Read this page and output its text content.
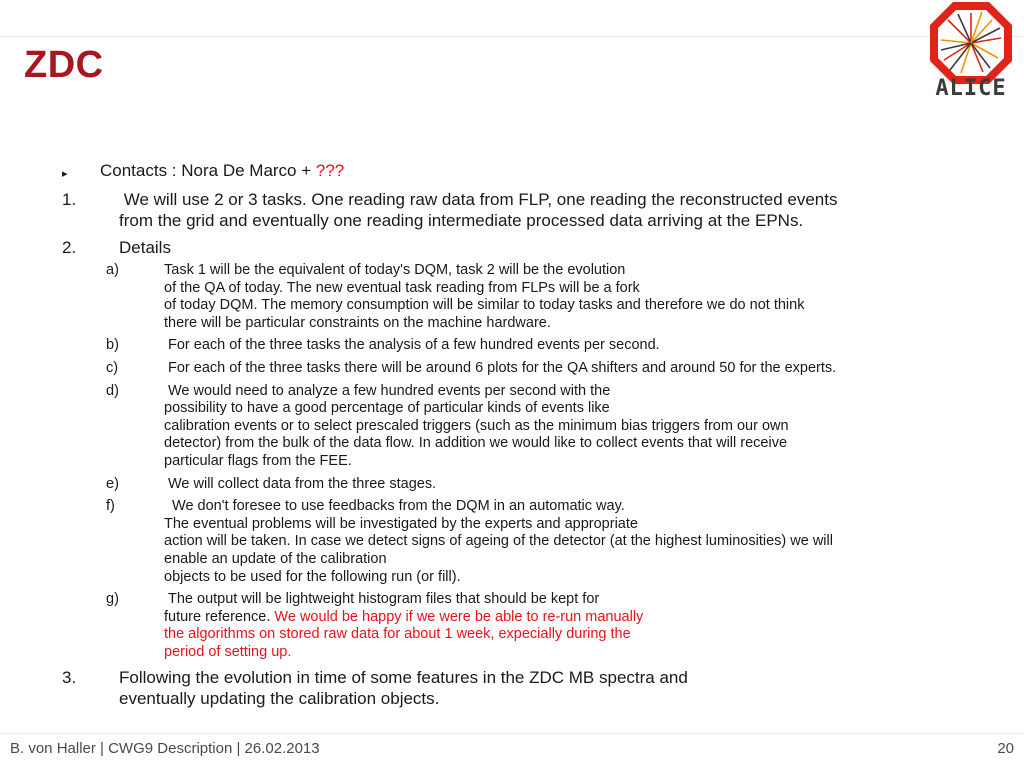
ZDC
ALICE
▸ Contacts : Nora De Marco + ???
1.	We will use 2 or 3 tasks. One reading raw data from FLP, one reading the reconstructed events
from the grid and eventually one reading intermediate processed data arriving at the EPNs.
2.	Details
a)	Task 1 will be the equivalent of today's DQM, task 2 will be the evolution
of the QA of today. The new eventual task reading from FLPs will be a fork
of today DQM. The memory consumption will be similar to today tasks and therefore we do not think
there will be particular constraints on the machine hardware.
b)	For each of the three tasks the analysis of a few hundred events per second.
c)	For each of the three tasks there will be around 6 plots for the QA shifters and around 50 for the experts.
d)	We would need to analyze a few hundred events per second with the
possibility to have a good percentage of particular kinds of events like
calibration events or to select prescaled triggers (such as the minimum bias triggers from our own
detector) from the bulk of the data flow. In addition we would like to collect events that will receive
particular flags from the FEE.
e)	We will collect data from the three stages.
f)	We don't foresee to use feedbacks from the DQM in an automatic way.
The eventual problems will be investigated by the experts and appropriate
action will be taken. In case we detect signs of ageing of the detector (at the highest luminosities) we will
enable an update of the calibration
objects to be used for the following run (or fill).
g)	The output will be lightweight histogram files that should be kept for
future reference. We would be happy if we were be able to re-run manually
the algorithms on stored raw data for about 1 week, expecially during the
period of setting up.
3.	Following the evolution in time of some features in the ZDC MB spectra and
eventually updating the calibration objects.
B. von Haller | CWG9 Description | 26.02.2013	20
